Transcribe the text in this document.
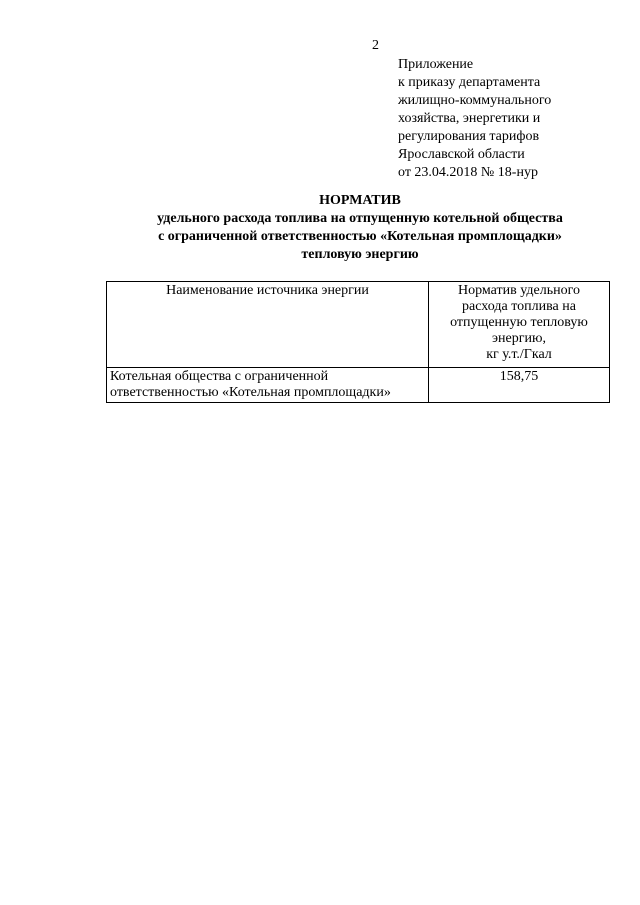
2
Приложение
к приказу департамента
жилищно-коммунального
хозяйства, энергетики и
регулирования тарифов
Ярославской области
от 23.04.2018 № 18-нур
НОРМАТИВ
удельного расхода топлива на отпущенную котельной общества
с ограниченной ответственностью «Котельная промплощадки»
тепловую энергию
Наименование источника энергии	Норматив удельного
расхода топлива на
отпущенную тепловую
энергию,
кг у.т./Гкал

Котельная общества с ограниченной
ответственностью «Котельная промплощадки»	158,75
